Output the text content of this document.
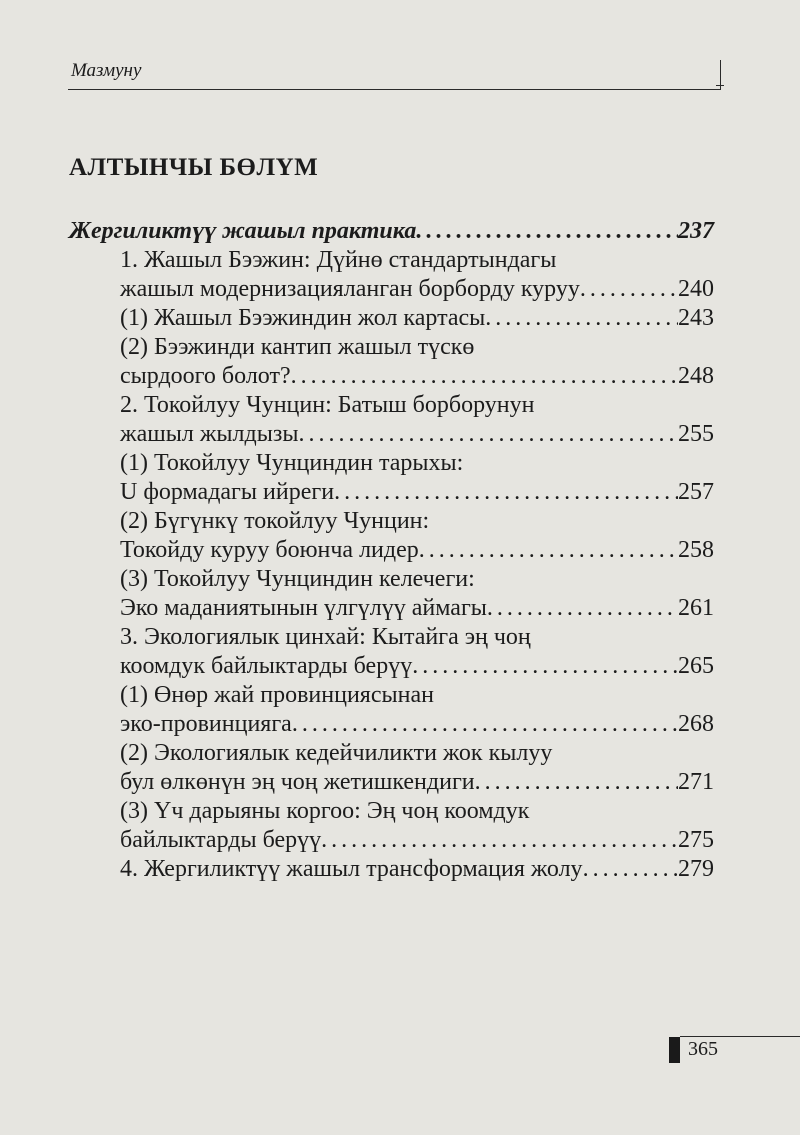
Мазмуну
АЛТЫНЧЫ БӨЛҮМ
Жергиликтүү жашыл практика . . .	237
1. Жашыл Бээжин: Дүйнө стандартындагы
жашыл модернизацияланган борборду куруу . . .	240
(1) Жашыл Бээжиндин жол картасы . . .	243
(2) Бээжинди кантип жашыл түскө
сырдоого болот? . . .	248
2. Токойлуу Чунцин: Батыш борборунун
жашыл жылдызы . . .	255
(1) Токойлуу Чунциндин тарыхы:
U формадагы ийреги . . .	257
(2) Бүгүнкү токойлуу Чунцин:
Токойду куруу боюнча лидер . . .	258
(3) Токойлуу Чунциндин келечеги:
Эко маданиятынын үлгүлүү аймагы . . .	261
3. Экологиялык цинхай: Кытайга эң чоң
коомдук байлыктарды берүү . . .	265
(1) Өнөр жай провинциясынан
эко-провинцияга . . .	268
(2) Экологиялык кедейчиликти жок кылуу
бул өлкөнүн эң чоң жетишкендиги . . .	271
(3) Үч дарыяны коргоо: Эң чоң коомдук
байлыктарды берүү . . .	275
4. Жергиликтүү жашыл трансформация жолу . . .	279
365
